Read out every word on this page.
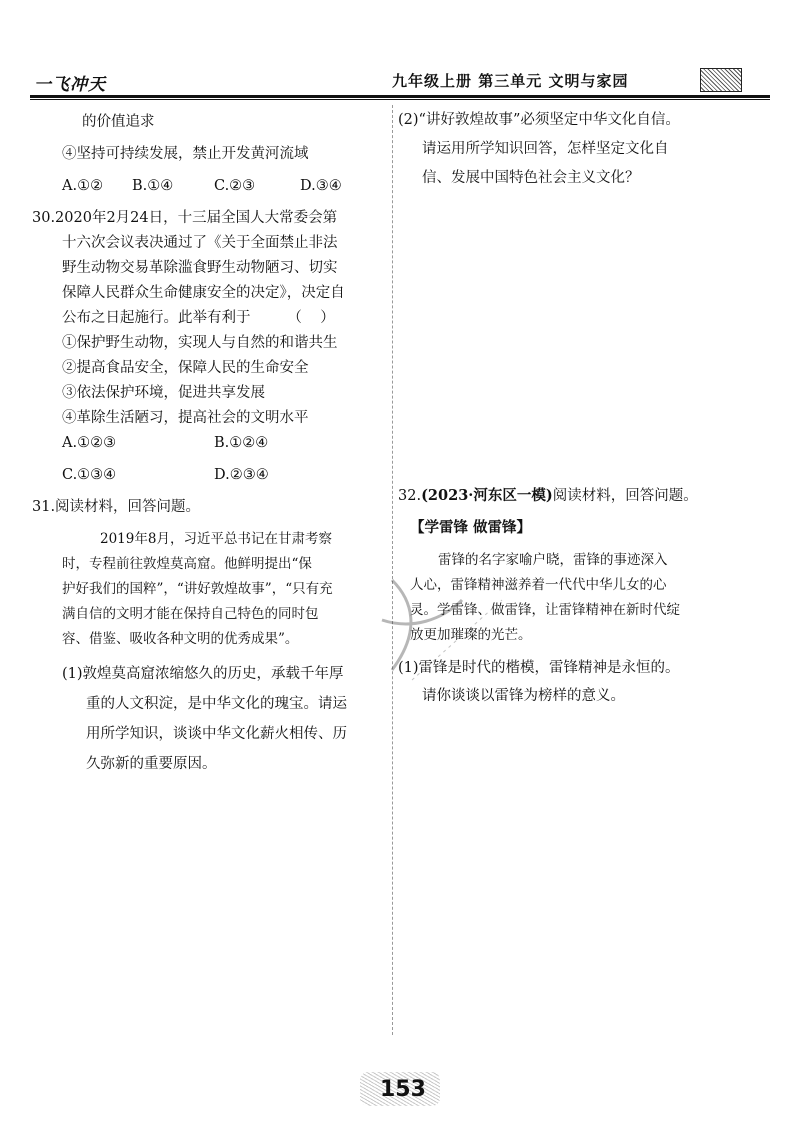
一飞冲天	九年级上册 第三单元 文明与家园
的价值追求
④坚持可持续发展，禁止开发黄河流域
A.①②	B.①④	C.②③	D.③④
30.2020年2月24日，十三届全国人大常委会第
十六次会议表决通过了《关于全面禁止非法
野生动物交易革除滥食野生动物陋习、切实
保障人民群众生命健康安全的决定》，决定自
公布之日起施行。此举有利于        （    ）
①保护野生动物，实现人与自然的和谐共生
②提高食品安全，保障人民的生命安全
③依法保护环境，促进共享发展
④革除生活陋习，提高社会的文明水平
A.①②③	B.①②④
C.①③④	D.②③④
31.阅读材料，回答问题。
2019年8月，习近平总书记在甘肃考察
时，专程前往敦煌莫高窟。他鲜明提出“保
护好我们的国粹”，“讲好敦煌故事”，“只有充
满自信的文明才能在保持自己特色的同时包
容、借鉴、吸收各种文明的优秀成果”。
(1)敦煌莫高窟浓缩悠久的历史，承载千年厚
重的人文积淀，是中华文化的瑰宝。请运
用所学知识，谈谈中华文化薪火相传、历
久弥新的重要原因。
(2)“讲好敦煌故事”必须坚定中华文化自信。
请运用所学知识回答，怎样坚定文化自
信、发展中国特色社会主义文化？
32.(2023·河东区一模)阅读材料，回答问题。
【学雷锋 做雷锋】
雷锋的名字家喻户晓，雷锋的事迹深入
人心，雷锋精神滋养着一代代中华儿女的心
灵。学雷锋、做雷锋，让雷锋精神在新时代绽
放更加璀璨的光芒。
(1)雷锋是时代的楷模，雷锋精神是永恒的。
请你谈谈以雷锋为榜样的意义。
153
